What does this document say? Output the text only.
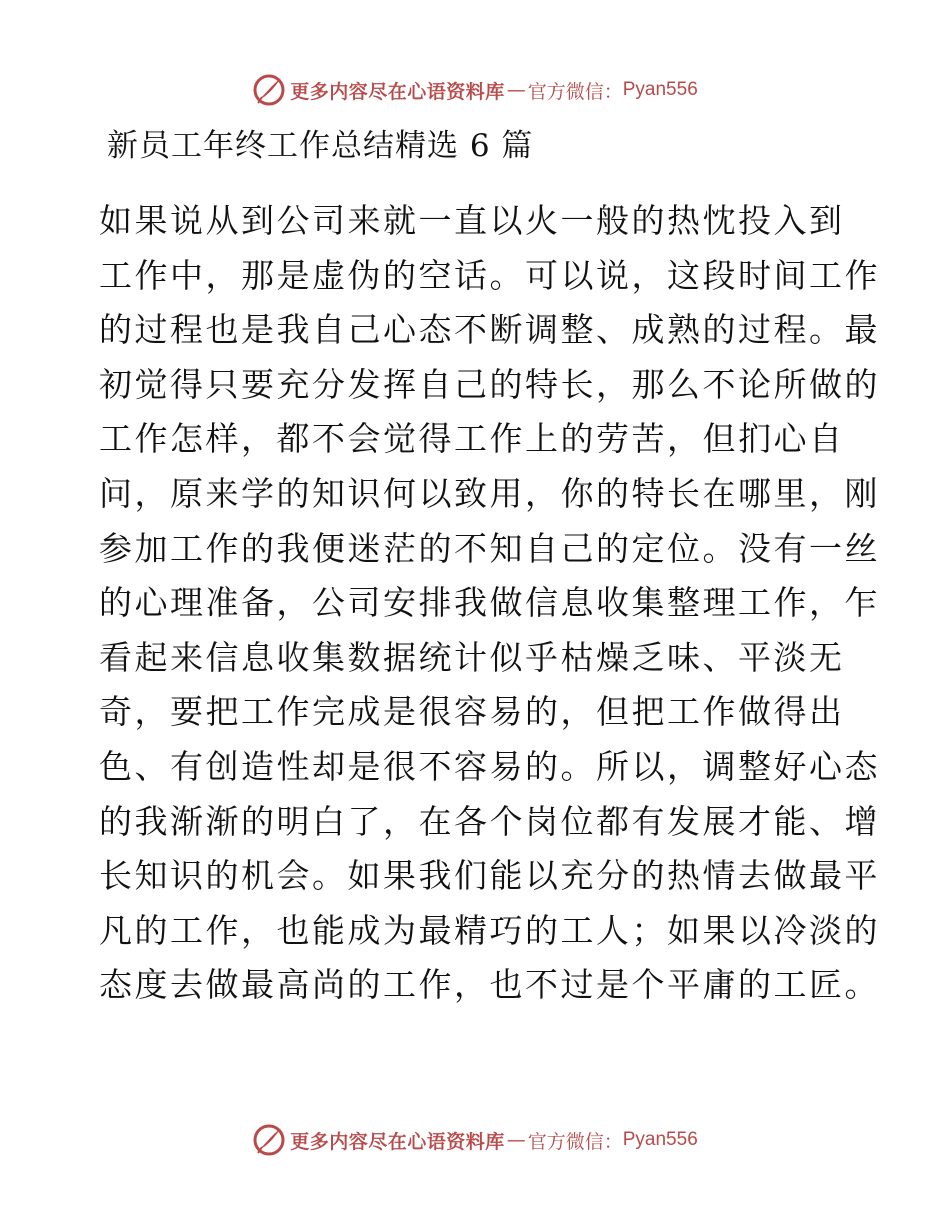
更多内容尽在心语资料库 — 官方微信： Pyan556
新员工年终工作总结精选 6 篇
如果说从到公司来就一直以火一般的热忱投入到
工作中，那是虚伪的空话。可以说，这段时间工作
的过程也是我自己心态不断调整、成熟的过程。最
初觉得只要充分发挥自己的特长，那么不论所做的
工作怎样，都不会觉得工作上的劳苦，但扪心自
问，原来学的知识何以致用，你的特长在哪里，刚
参加工作的我便迷茫的不知自己的定位。没有一丝
的心理准备，公司安排我做信息收集整理工作，乍
看起来信息收集数据统计似乎枯燥乏味、平淡无
奇，要把工作完成是很容易的，但把工作做得出
色、有创造性却是很不容易的。所以，调整好心态
的我渐渐的明白了，在各个岗位都有发展才能、增
长知识的机会。如果我们能以充分的热情去做最平
凡的工作，也能成为最精巧的工人；如果以冷淡的
态度去做最高尚的工作，也不过是个平庸的工匠。
更多内容尽在心语资料库 — 官方微信： Pyan556
